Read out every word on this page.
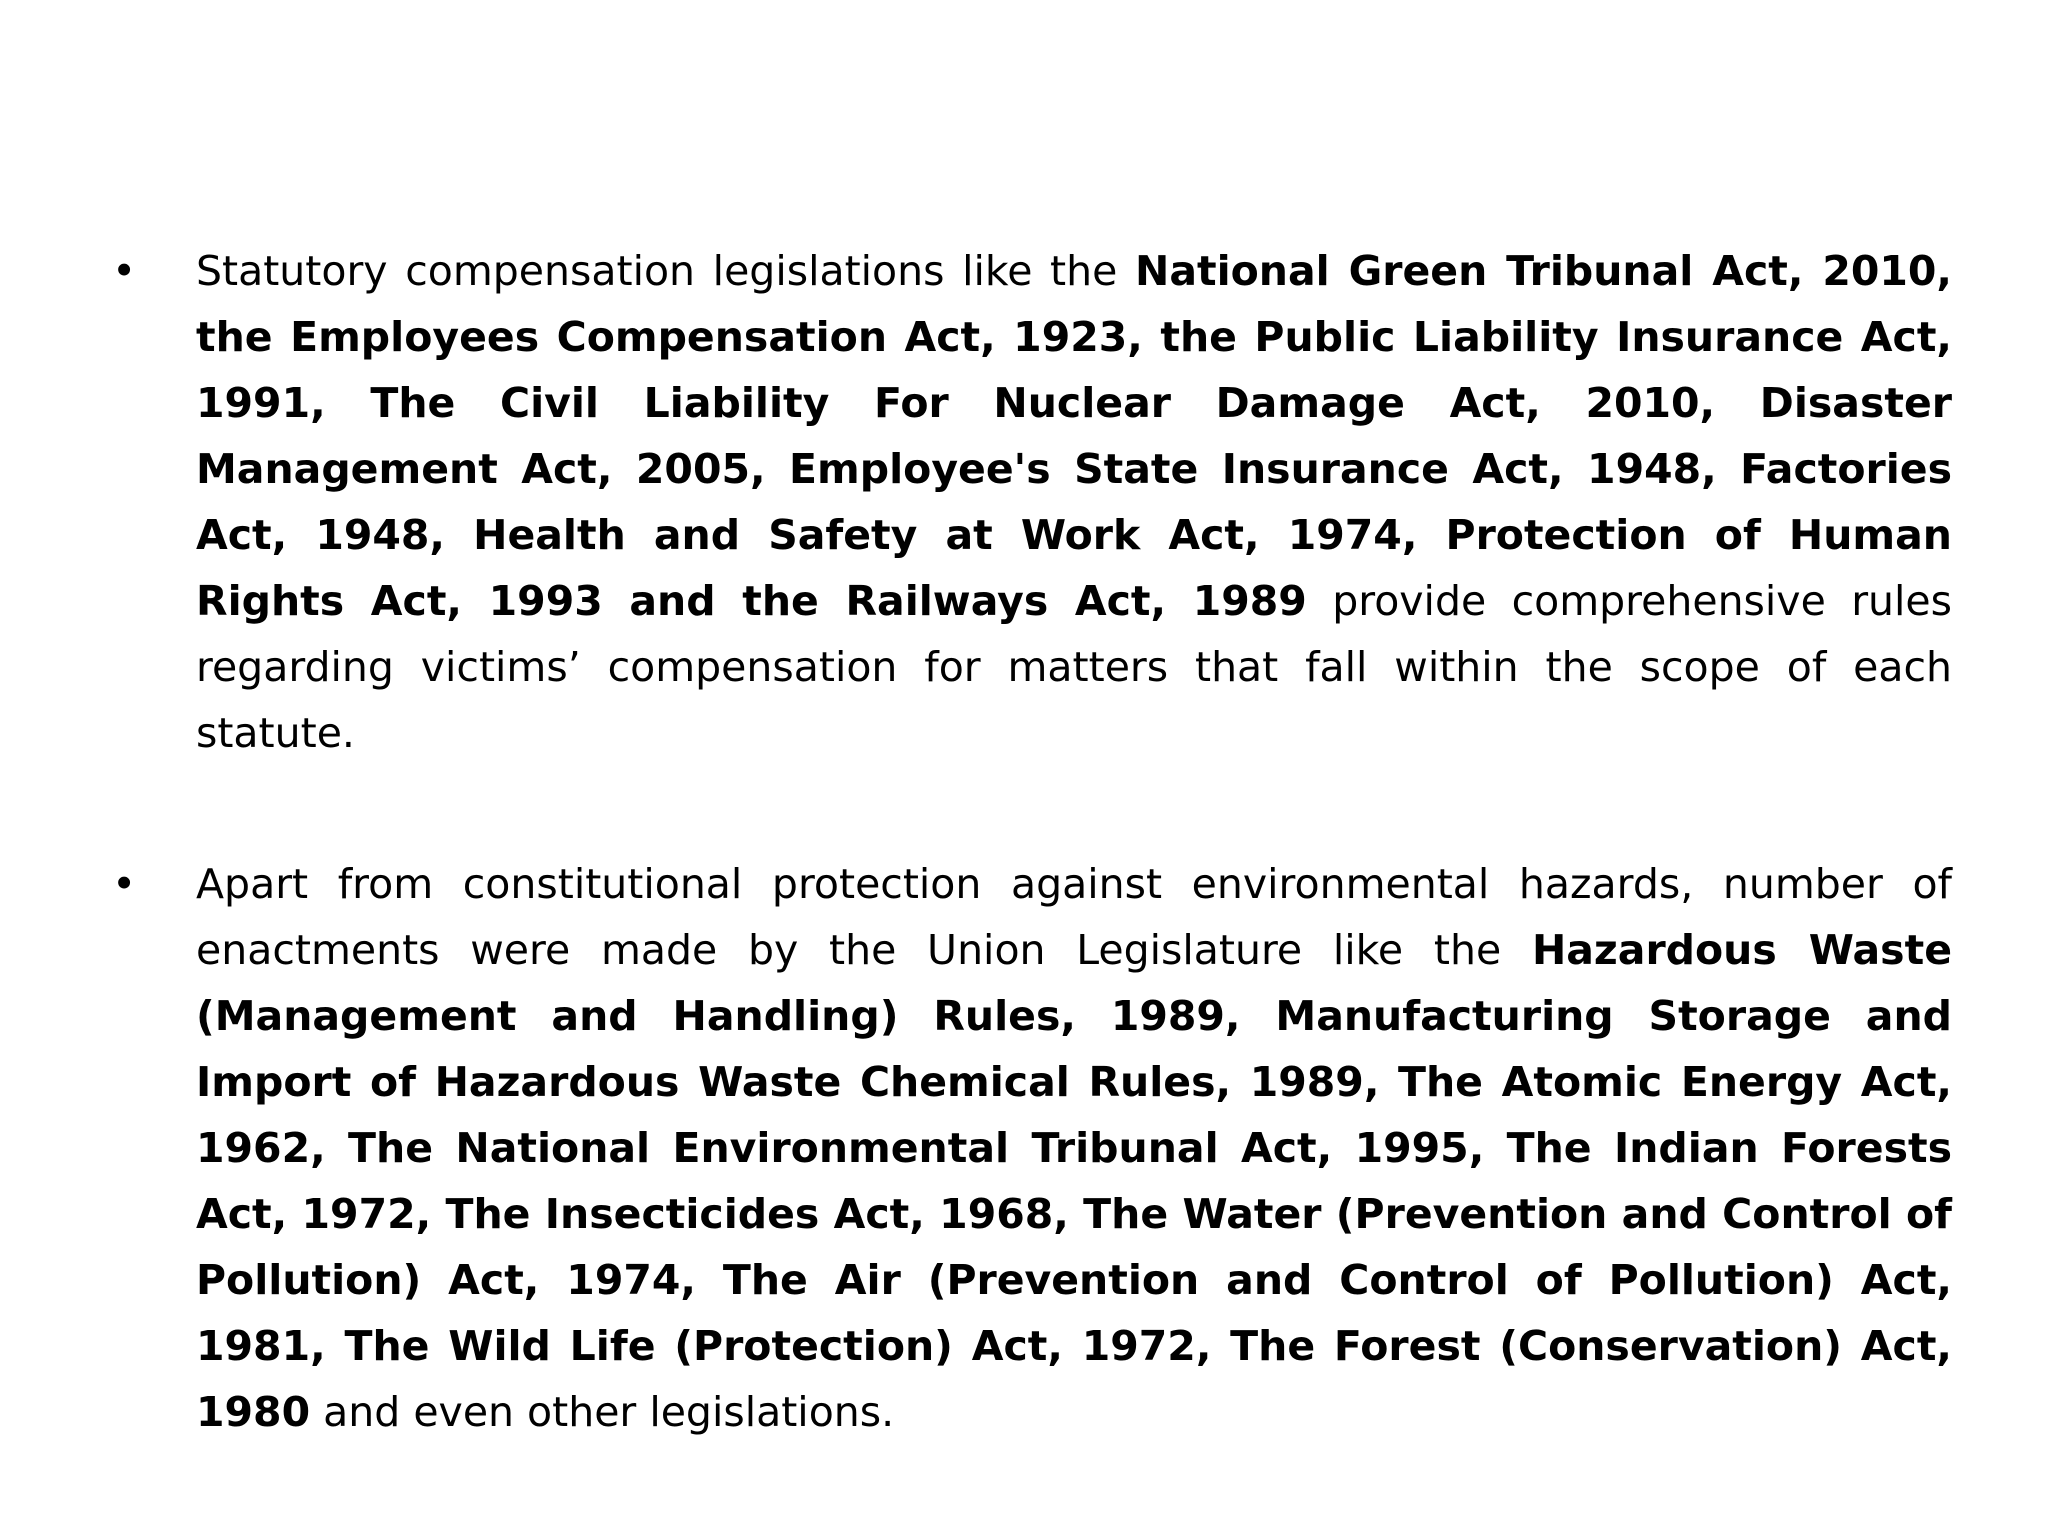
• Statutory compensation legislations like the National Green Tribunal Act, 2010, the Employees Compensation Act, 1923, the Public Liability Insurance Act, 1991, The Civil Liability For Nuclear Damage Act, 2010, Disaster Management Act, 2005, Employee's State Insurance Act, 1948, Factories Act, 1948, Health and Safety at Work Act, 1974, Protection of Human Rights Act, 1993 and the Railways Act, 1989 provide comprehensive rules regarding victims’ compensation for matters that fall within the scope of each statute.
• Apart from constitutional protection against environmental hazards, number of enactments were made by the Union Legislature like the Hazardous Waste (Management and Handling) Rules, 1989, Manufacturing Storage and Import of Hazardous Waste Chemical Rules, 1989, The Atomic Energy Act, 1962, The National Environmental Tribunal Act, 1995, The Indian Forests Act, 1972, The Insecticides Act, 1968, The Water (Prevention and Control of Pollution) Act, 1974, The Air (Prevention and Control of Pollution) Act, 1981, The Wild Life (Protection) Act, 1972, The Forest (Conservation) Act, 1980 and even other legislations.
